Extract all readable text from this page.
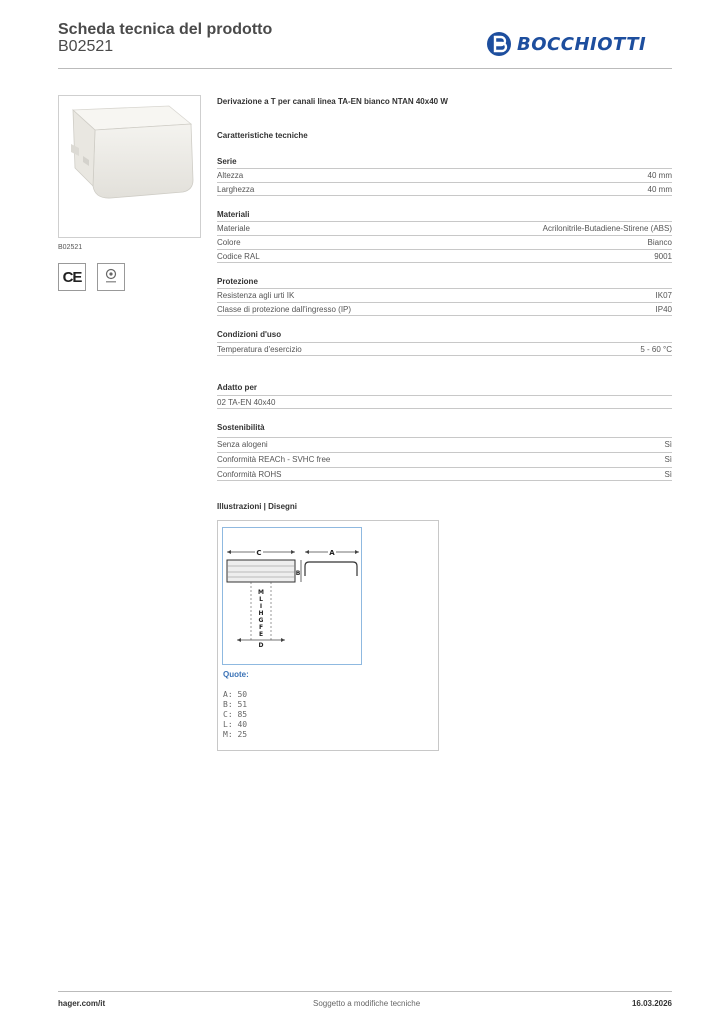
Scheda tecnica del prodotto
B02521	BOCCHIOTTI
B02521
CE
Derivazione a T per canali linea TA-EN bianco NTAN 40x40 W
Caratteristiche tecniche
Serie
Altezza	40 mm
Larghezza	40 mm
Materiali
Materiale	Acrilonitrile-Butadiene-Stirene (ABS)
Colore	Bianco
Codice RAL	9001
Protezione
Resistenza agli urti IK	IK07
Classe di protezione dall'ingresso (IP)	IP40
Condizioni d'uso
Temperatura d'esercizio	5 - 60 °C
Adatto per
02 TA-EN 40x40
Sostenibilità
Senza alogeni	Sì
Conformità REACh - SVHC free	Sì
Conformità ROHS	Sì
Illustrazioni | Disegni
C	A
B
M
L
I
H
G
F
E
D
Quote:
A: 50
B: 51
C: 85
L: 40
M: 25
hager.com/it	Soggetto a modifiche tecniche	16.03.2026
